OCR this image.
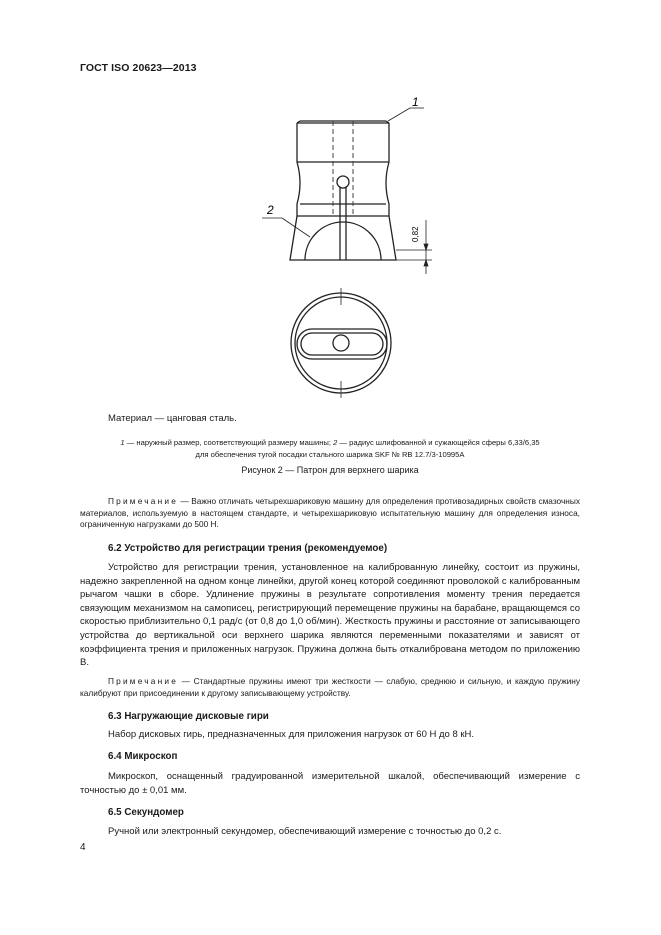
ГОСТ ISO 20623—2013
0,82
1
2
Материал — цанговая сталь.
1 — наружный размер, соответствующий размеру машины; 2 — радиус шлифованной и сужающейся сферы 6,33/6,35
для обеспечения тугой посадки стального шарика SKF № RB 12.7/3-10995A
Рисунок 2 — Патрон для верхнего шарика
Примечание — Важно отличать четырехшариковую машину для определения противозадирных свойств смазочных материалов, используемую в настоящем стандарте, и четырехшариковую испытательную машину для определения износа, ограниченную нагрузками до 500 Н.
6.2 Устройство для регистрации трения (рекомендуемое)
Устройство для регистрации трения, установленное на калиброванную линейку, состоит из пружины, надежно закрепленной на одном конце линейки, другой конец которой соединяют проволокой с калиброванным рычагом чашки в сборе. Удлинение пружины в результате сопротивления моменту трения передается связующим механизмом на самописец, регистрирующий перемещение пружины на барабане, вращающемся со скоростью приблизительно 0,1 рад/с (от 0,8 до 1,0 об/мин). Жесткость пружины и расстояние от записывающего устройства до вертикальной оси верхнего шарика являются переменными показателями и зависят от коэффициента трения и приложенных нагрузок. Пружина должна быть откалибрована методом по приложению В.
Примечание — Стандартные пружины имеют три жесткости — слабую, среднюю и сильную, и каждую пружину калибруют при присоединении к другому записывающему устройству.
6.3 Нагружающие дисковые гири
Набор дисковых гирь, предназначенных для приложения нагрузок от 60 Н до 8 кН.
6.4 Микроскоп
Микроскоп, оснащенный градуированной измерительной шкалой, обеспечивающий измерение с точностью до ± 0,01 мм.
6.5 Секундомер
Ручной или электронный секундомер, обеспечивающий измерение с точностью до 0,2 с.
4
